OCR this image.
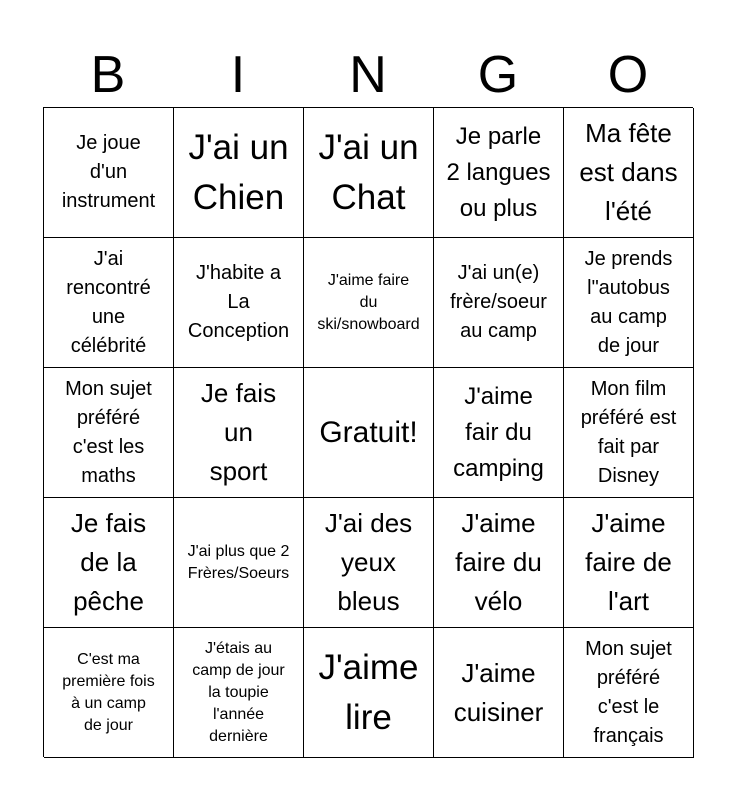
B	I	N	G	O
Je joue
d'un
instrument
J'ai un
Chien
J'ai un
Chat
Je parle
2 langues
ou plus
Ma fête
est dans
l'été
J'ai
rencontré
une
célébrité
J'habite a
La
Conception
J'aime faire
du
ski/snowboard
J'ai un(e)
frère/soeur
au camp
Je prends
l"autobus
au camp
de jour
Mon sujet
préféré
c'est les
maths
Je fais
un
sport
Gratuit!
J'aime
fair du
camping
Mon film
préféré est
fait par
Disney
Je fais
de la
pêche
J'ai plus que 2
Frères/Soeurs
J'ai des
yeux
bleus
J'aime
faire du
vélo
J'aime
faire de
l'art
C'est ma
première fois
à un camp
de jour
J'étais au
camp de jour
la toupie
l'année
dernière
J'aime
lire
J'aime
cuisiner
Mon sujet
préféré
c'est le
français
